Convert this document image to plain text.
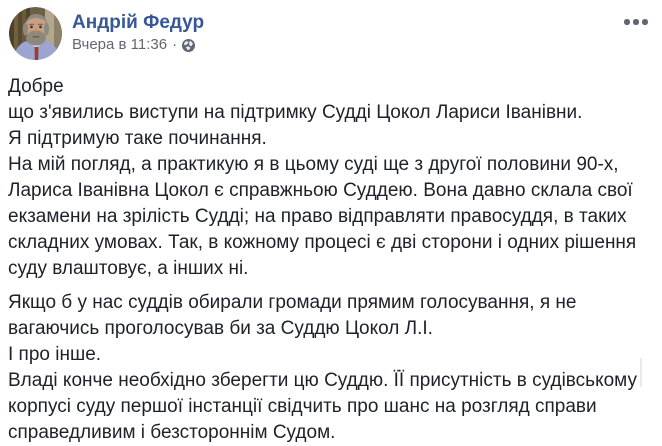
Андрій Федур
Вчера в 11:36 ·
Добре
що з'явились виступи на підтримку Судді Цокол Лариси Іванівни.
Я підтримую таке починання.
На мій погляд, а практикую я в цьому суді ще з другої половини 90-х,
Лариса Іванівна Цокол є справжньою Суддею. Вона давно склала свої
екзамени на зрілість Судді; на право відправляти правосуддя, в таких
складних умовах. Так, в кожному процесі є дві сторони і одних рішення
суду влаштовує, а інших ні.
Якщо б у нас суддів обирали громади прямим голосування, я не
вагаючись проголосував би за Суддю Цокол Л.І.
І про інше.
Владі конче необхідно зберегти цю Суддю. ЇЇ присутність в судівському
корпусі суду першої інстанції свідчить про шанс на розгляд справи
справедливим і безстороннім Судом.
